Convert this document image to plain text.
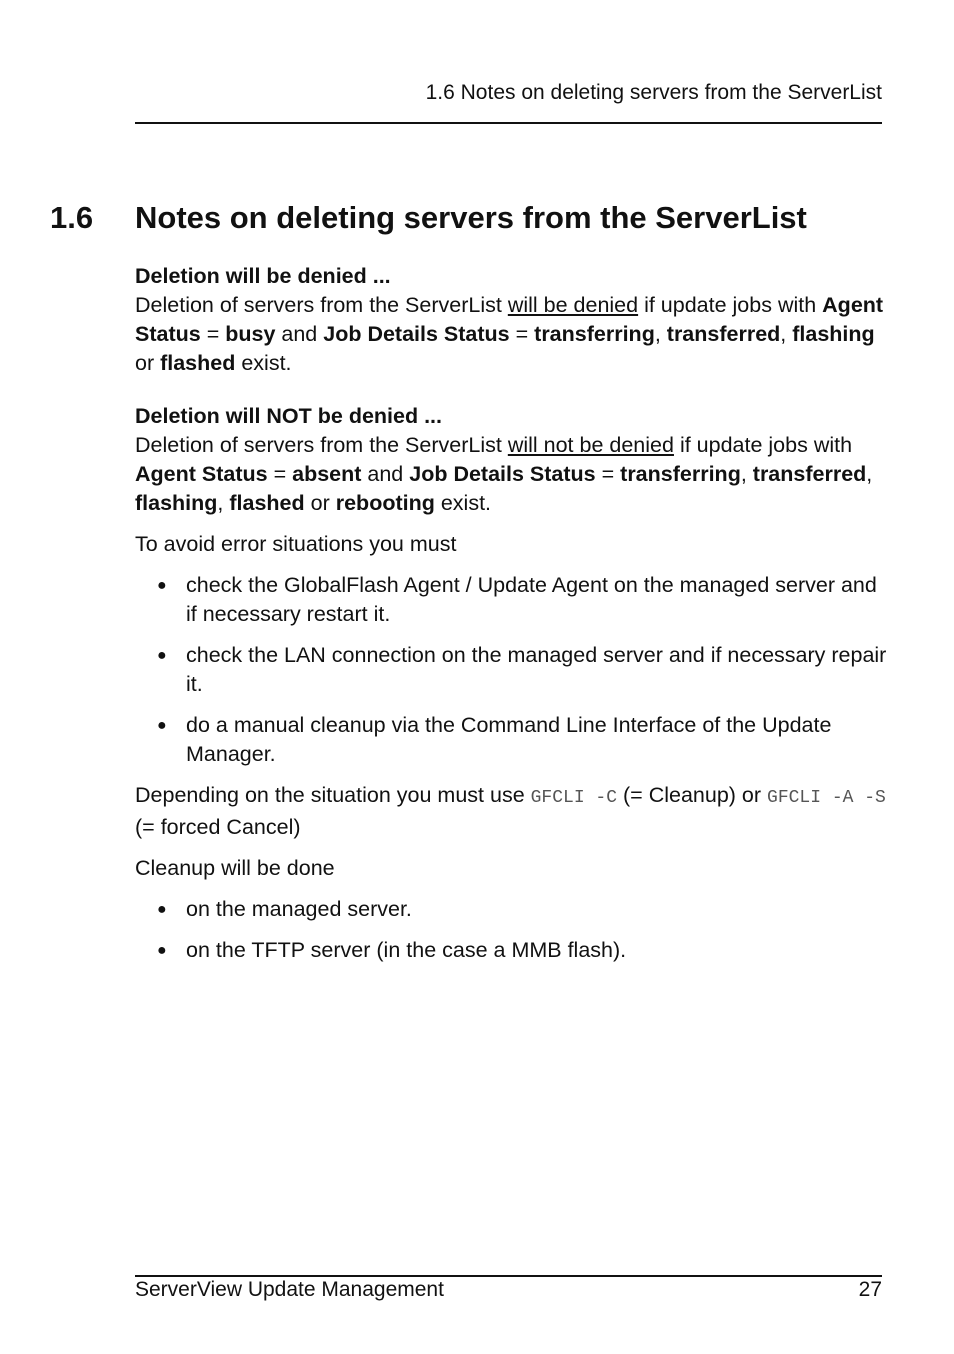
1.6 Notes on deleting servers from the ServerList
1.6 Notes on deleting servers from the ServerList

Deletion will be denied ...

Deletion of servers from the ServerList will be denied if update jobs with Agent Status = busy and Job Details Status = transferring, transferred, flashing or flashed exist.

Deletion will NOT be denied ...

Deletion of servers from the ServerList will not be denied if update jobs with Agent Status = absent and Job Details Status = transferring, transferred, flashing, flashed or rebooting exist.

To avoid error situations you must

● check the GlobalFlash Agent / Update Agent on the managed server and if necessary restart it.
● check the LAN connection on the managed server and if necessary repair it.
● do a manual cleanup via the Command Line Interface of the Update Manager.

Depending on the situation you must use GFCLI -C (= Cleanup) or GFCLI -A -S (= forced Cancel)

Cleanup will be done

● on the managed server.
● on the TFTP server (in the case a MMB flash).
ServerView Update Management	27
